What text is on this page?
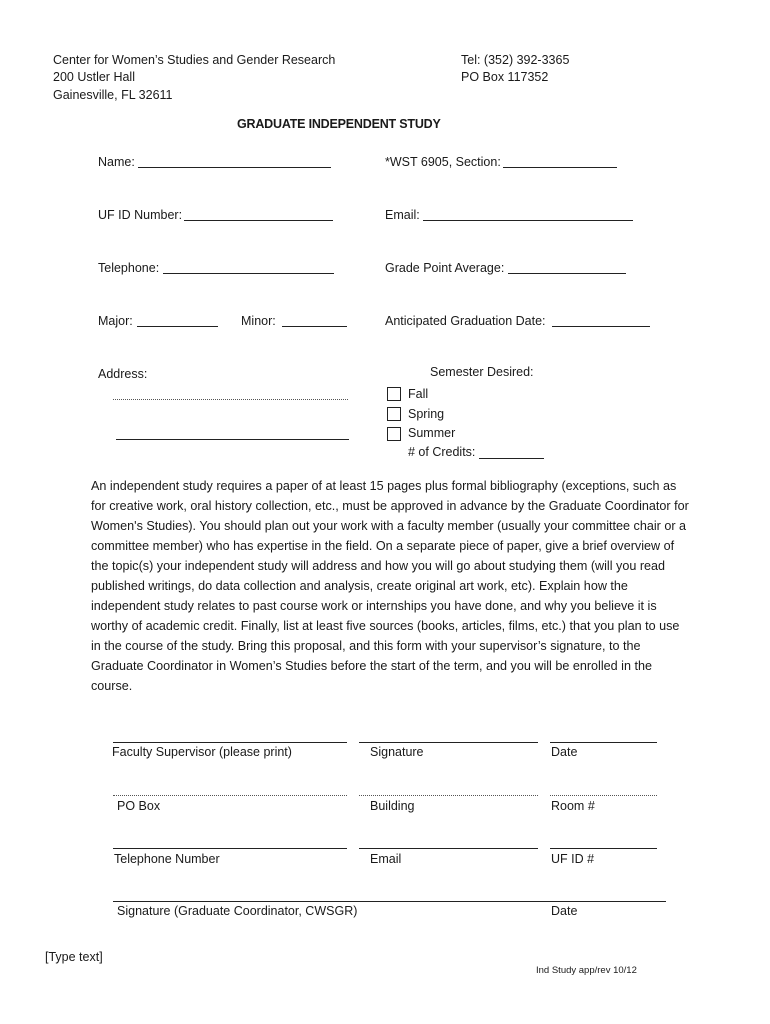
Center for Women’s Studies and Gender Research
200 Ustler Hall
Gainesville, FL 32611
Tel: (352) 392-3365
PO Box 117352
GRADUATE INDEPENDENT STUDY
Name:	*WST 6905, Section:
UF ID Number:	Email:
Telephone:	Grade Point Average:
Major:	Minor:	Anticipated Graduation Date:
Address:	Semester Desired:
Fall
Spring
Summer
# of Credits:
An independent study requires a paper of at least 15 pages plus formal bibliography (exceptions, such as for creative work, oral history collection, etc., must be approved in advance by the Graduate Coordinator for Women's Studies). You should plan out your work with a faculty member (usually your committee chair or a committee member) who has expertise in the field. On a separate piece of paper, give a brief overview of the topic(s) your independent study will address and how you will go about studying them (will you read published writings, do data collection and analysis, create original art work, etc). Explain how the independent study relates to past course work or internships you have done, and why you believe it is worthy of academic credit. Finally, list at least five sources (books, articles, films, etc.) that you plan to use in the course of the study. Bring this proposal, and this form with your supervisor’s signature, to the Graduate Coordinator in Women’s Studies before the start of the term, and you will be enrolled in the course.
Faculty Supervisor (please print)	Signature	Date
PO Box	Building	Room #
Telephone Number	Email	UF ID #
Signature (Graduate Coordinator, CWSGR)	Date
[Type text]
Ind Study app/rev 10/12
